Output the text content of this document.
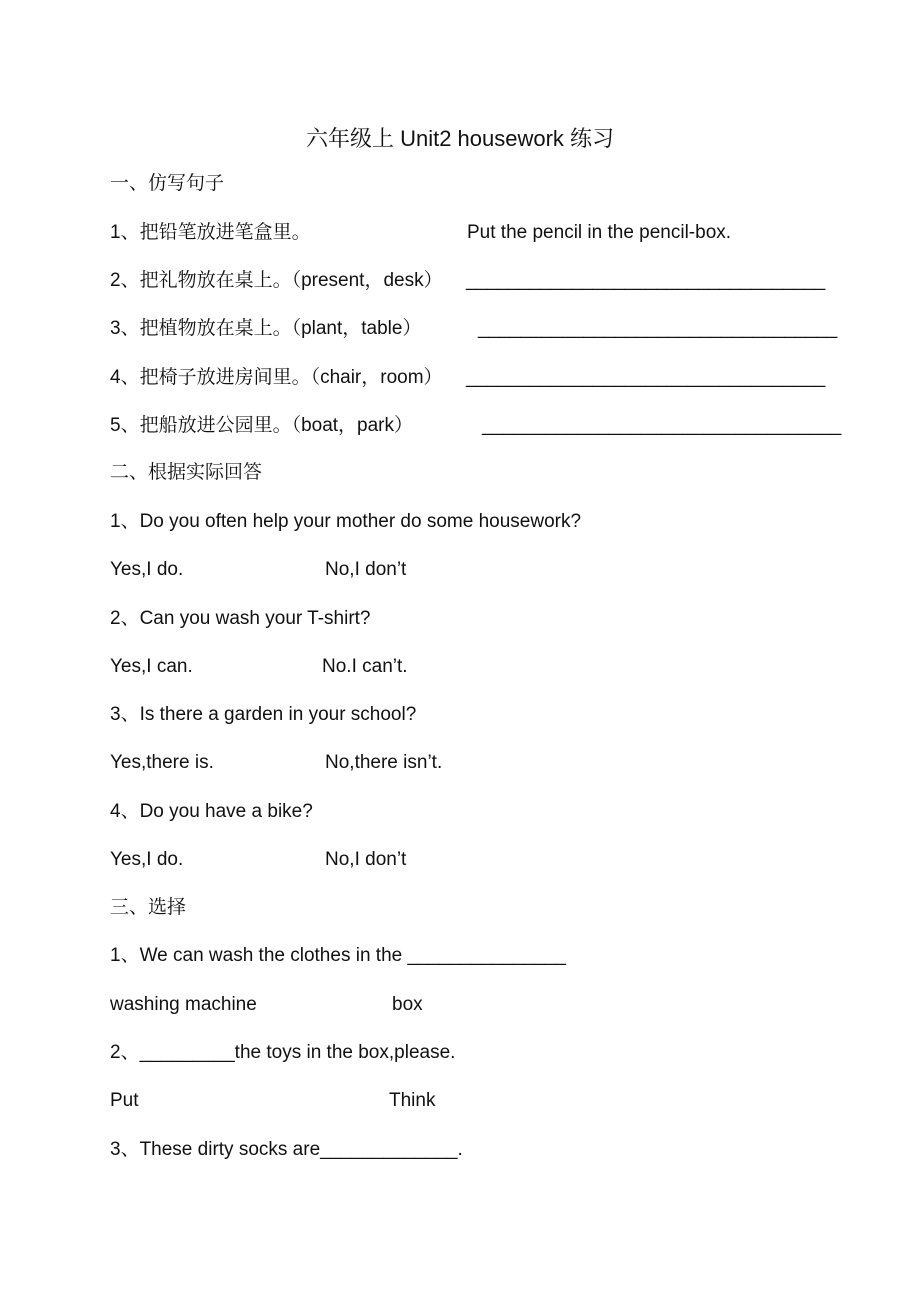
六年级上 Unit2 housework 练习
一、仿写句子
1、把铅笔放进笔盒里。	Put the pencil in the pencil-box.
2、把礼物放在桌上。（present，desk） __________________________________
3、把植物放在桌上。（plant，table）	__________________________________
4、把椅子放进房间里。（chair，room） __________________________________
5、把船放进公园里。（boat，park）	__________________________________
二、根据实际回答
1、Do you often help your mother do some housework?
Yes,I do.	No,I don’t
2、Can you wash your T-shirt?
Yes,I can.	No.I can’t.
3、Is there a garden in your school?
Yes,there is.	No,there isn’t.
4、Do you have a bike?
Yes,I do.	No,I don’t
三、选择
1、We can wash the clothes in the _______________
washing machine	box
2、_________the toys in the box,please.
Put	Think
3、These dirty socks are_____________.
